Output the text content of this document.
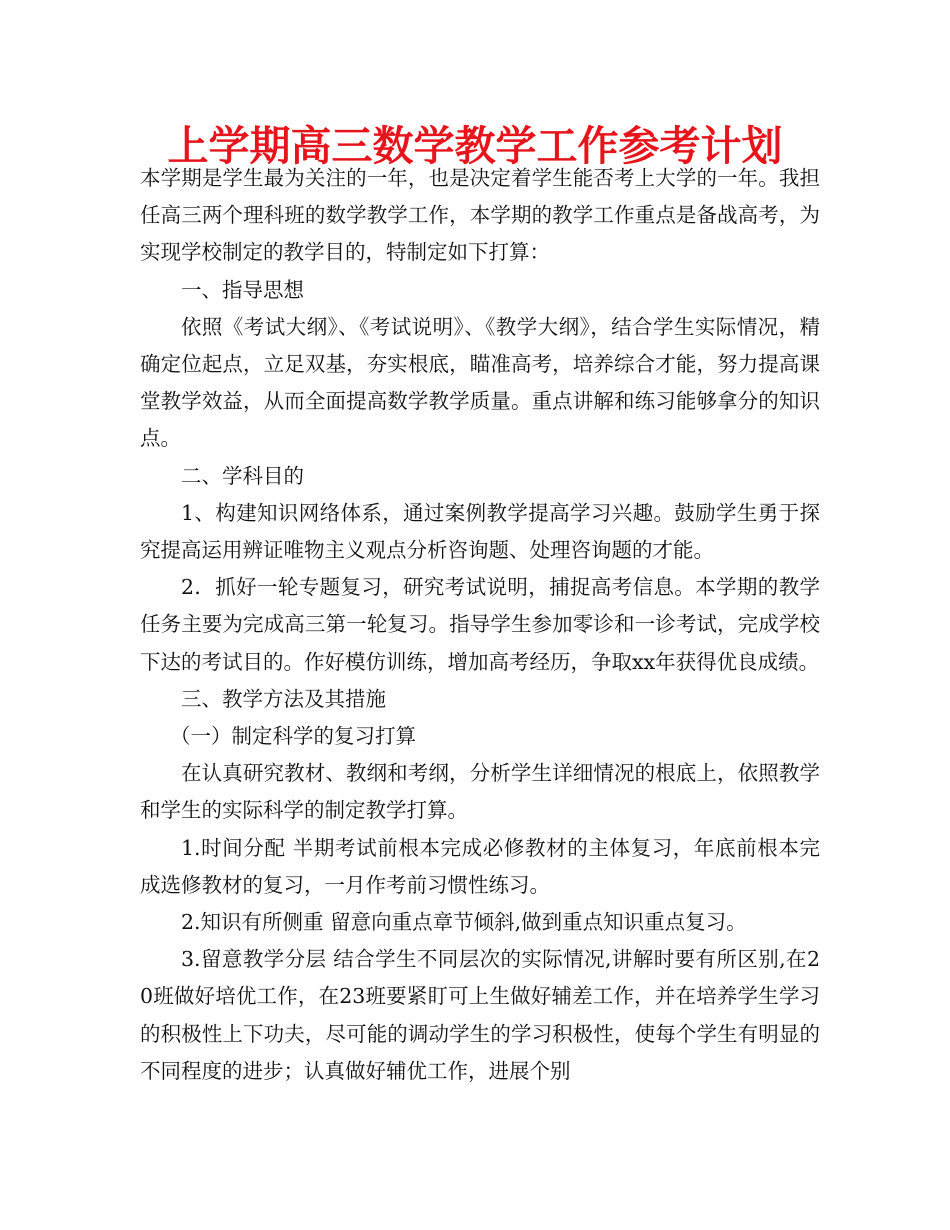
上学期高三数学教学工作参考计划

本学期是学生最为关注的一年，也是决定着学生能否考上大学的一年。我担任高三两个理科班的数学教学工作，本学期的教学工作重点是备战高考，为实现学校制定的教学目的，特制定如下打算：

一、指导思想

依照《考试大纲》、《考试说明》、《教学大纲》，结合学生实际情况，精确定位起点，立足双基，夯实根底，瞄准高考，培养综合才能，努力提高课堂教学效益，从而全面提高数学教学质量。重点讲解和练习能够拿分的知识点。

二、学科目的

1、构建知识网络体系，通过案例教学提高学习兴趣。鼓励学生勇于探究提高运用辨证唯物主义观点分析咨询题、处理咨询题的才能。

2．抓好一轮专题复习，研究考试说明，捕捉高考信息。本学期的教学任务主要为完成高三第一轮复习。指导学生参加零诊和一诊考试，完成学校下达的考试目的。作好模仿训练，增加高考经历，争取xx年获得优良成绩。

三、教学方法及其措施

（一）制定科学的复习打算

在认真研究教材、教纲和考纲，分析学生详细情况的根底上，依照教学和学生的实际科学的制定教学打算。

1.时间分配 半期考试前根本完成必修教材的主体复习，年底前根本完成选修教材的复习，一月作考前习惯性练习。

2.知识有所侧重 留意向重点章节倾斜,做到重点知识重点复习。

3.留意教学分层 结合学生不同层次的实际情况,讲解时要有所区别,在20班做好培优工作，在23班要紧盯可上生做好辅差工作，并在培养学生学习的积极性上下功夫，尽可能的调动学生的学习积极性，使每个学生有明显的不同程度的进步；认真做好辅优工作，进展个别
